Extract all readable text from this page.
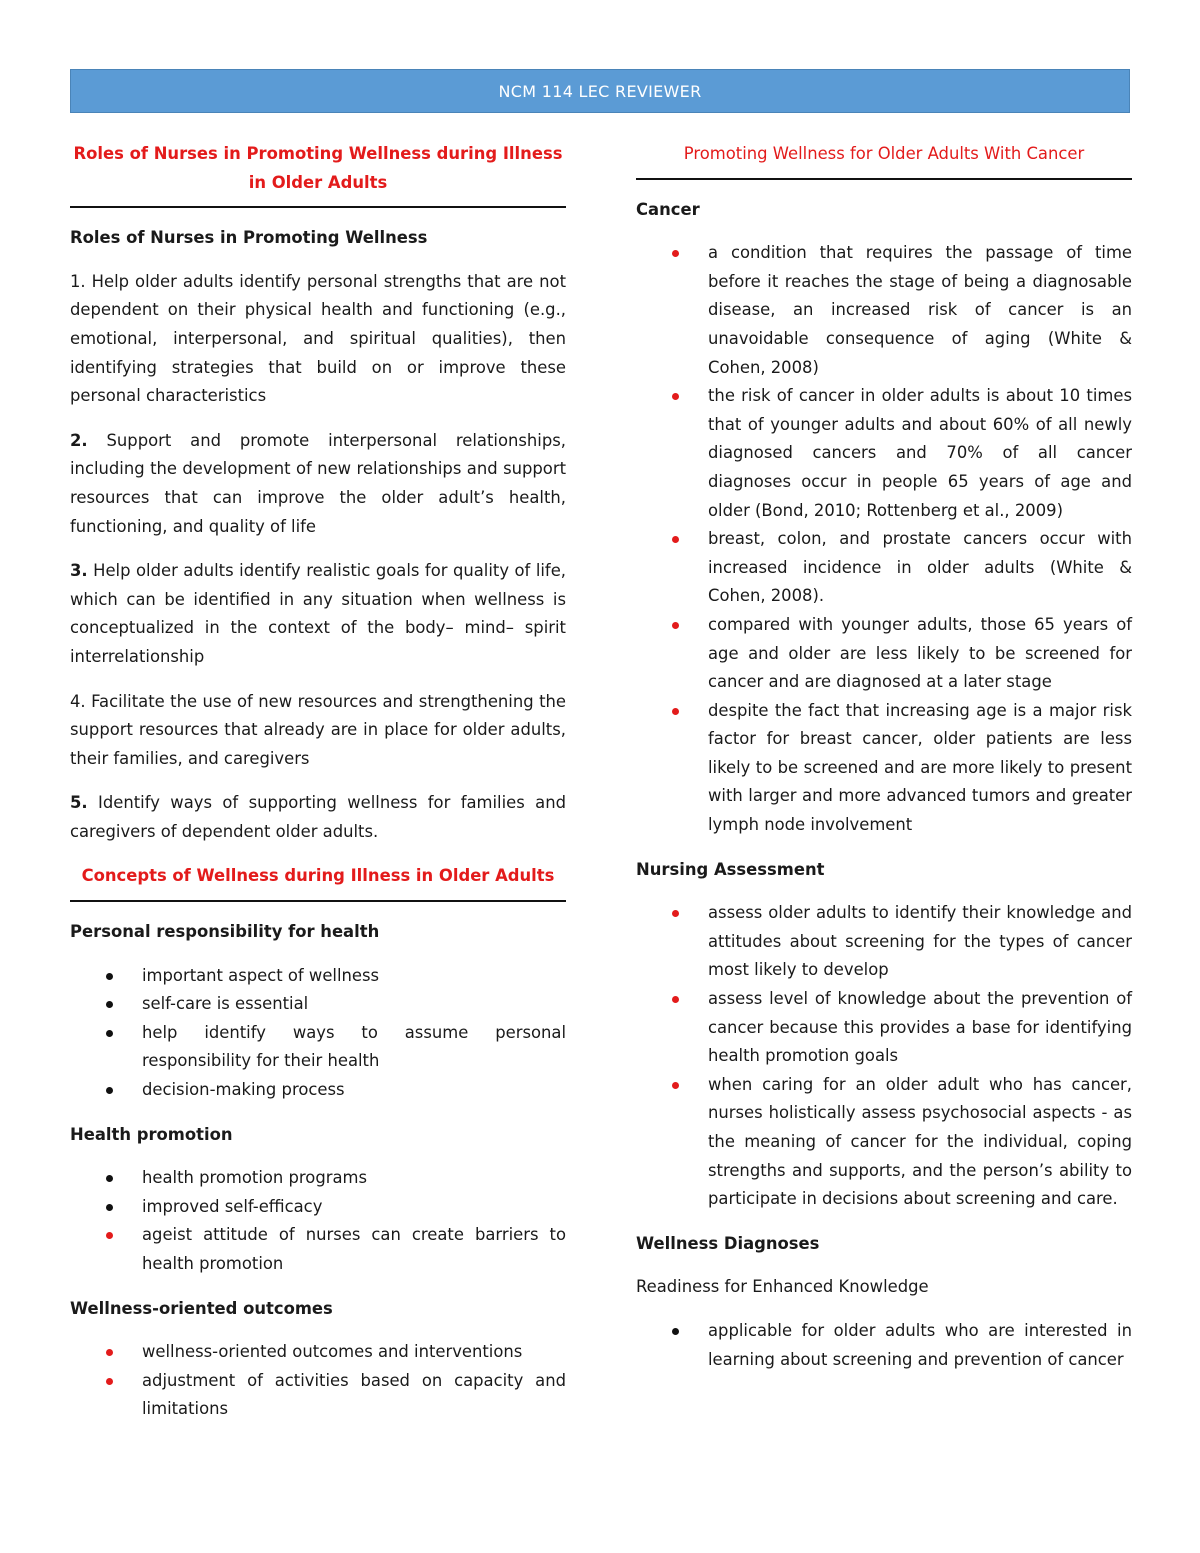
NCM 114 LEC REVIEWER
Roles of Nurses in Promoting Wellness during Illness in Older Adults
Roles of Nurses in Promoting Wellness

1. Help older adults identify personal strengths that are not dependent on their physical health and functioning (e.g., emotional, interpersonal, and spiritual qualities), then identifying strategies that build on or improve these personal characteristics

2. Support and promote interpersonal relationships, including the development of new relationships and support resources that can improve the older adult’s health, functioning, and quality of life

3. Help older adults identify realistic goals for quality of life, which can be identified in any situation when wellness is conceptualized in the context of the body– mind– spirit interrelationship

4. Facilitate the use of new resources and strengthening the support resources that already are in place for older adults, their families, and caregivers

5. Identify ways of supporting wellness for families and caregivers of dependent older adults.

Concepts of Wellness during Illness in Older Adults
Personal responsibility for health
important aspect of wellness
self-care is essential
help identify ways to assume personal responsibility for their health
decision-making process
Health promotion
health promotion programs
improved self-efficacy
ageist attitude of nurses can create barriers to health promotion
Wellness-oriented outcomes
wellness-oriented outcomes and interventions
adjustment of activities based on capacity and limitations
Promoting Wellness for Older Adults With Cancer
Cancer
a condition that requires the passage of time before it reaches the stage of being a diagnosable disease, an increased risk of cancer is an unavoidable consequence of aging (White & Cohen, 2008)
the risk of cancer in older adults is about 10 times that of younger adults and about 60% of all newly diagnosed cancers and 70% of all cancer diagnoses occur in people 65 years of age and older (Bond, 2010; Rottenberg et al., 2009)
breast, colon, and prostate cancers occur with increased incidence in older adults (White & Cohen, 2008).
compared with younger adults, those 65 years of age and older are less likely to be screened for cancer and are diagnosed at a later stage
despite the fact that increasing age is a major risk factor for breast cancer, older patients are less likely to be screened and are more likely to present with larger and more advanced tumors and greater lymph node involvement
Nursing Assessment
assess older adults to identify their knowledge and attitudes about screening for the types of cancer most likely to develop
assess level of knowledge about the prevention of cancer because this provides a base for identifying health promotion goals
when caring for an older adult who has cancer, nurses holistically assess psychosocial aspects - as the meaning of cancer for the individual, coping strengths and supports, and the person’s ability to participate in decisions about screening and care.
Wellness Diagnoses
Readiness for Enhanced Knowledge
applicable for older adults who are interested in learning about screening and prevention of cancer
